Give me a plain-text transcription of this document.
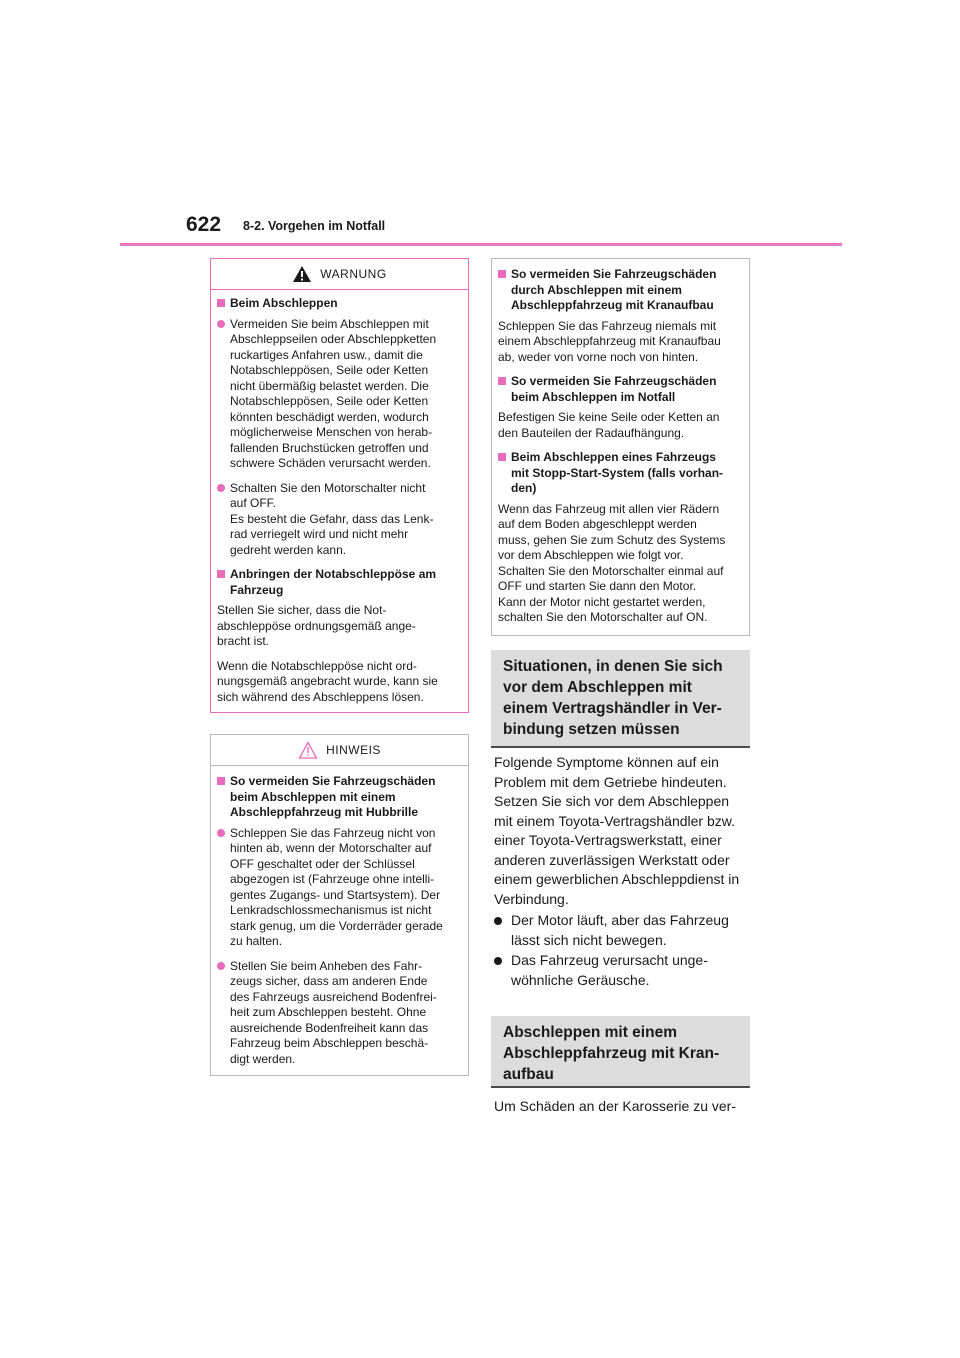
622 8-2. Vorgehen im Notfall
WARNUNG
Beim Abschleppen
Vermeiden Sie beim Abschleppen mit
Abschleppseilen oder Abschleppketten
ruckartiges Anfahren usw., damit die
Notabschleppösen, Seile oder Ketten
nicht übermäßig belastet werden. Die
Notabschleppösen, Seile oder Ketten
könnten beschädigt werden, wodurch
möglicherweise Menschen von herab-
fallenden Bruchstücken getroffen und
schwere Schäden verursacht werden.
Schalten Sie den Motorschalter nicht
auf OFF.
Es besteht die Gefahr, dass das Lenk-
rad verriegelt wird und nicht mehr
gedreht werden kann.
Anbringen der Notabschleppöse am
Fahrzeug
Stellen Sie sicher, dass die Not-
abschleppöse ordnungsgemäß ange-
bracht ist.
Wenn die Notabschleppöse nicht ord-
nungsgemäß angebracht wurde, kann sie
sich während des Abschleppens lösen.
HINWEIS
So vermeiden Sie Fahrzeugschäden
beim Abschleppen mit einem
Abschleppfahrzeug mit Hubbrille
Schleppen Sie das Fahrzeug nicht von
hinten ab, wenn der Motorschalter auf
OFF geschaltet oder der Schlüssel
abgezogen ist (Fahrzeuge ohne intelli-
gentes Zugangs- und Startsystem). Der
Lenkradschlossmechanismus ist nicht
stark genug, um die Vorderräder gerade
zu halten.
Stellen Sie beim Anheben des Fahr-
zeugs sicher, dass am anderen Ende
des Fahrzeugs ausreichend Bodenfrei-
heit zum Abschleppen besteht. Ohne
ausreichende Bodenfreiheit kann das
Fahrzeug beim Abschleppen beschä-
digt werden.
So vermeiden Sie Fahrzeugschäden
durch Abschleppen mit einem
Abschleppfahrzeug mit Kranaufbau
Schleppen Sie das Fahrzeug niemals mit
einem Abschleppfahrzeug mit Kranaufbau
ab, weder von vorne noch von hinten.
So vermeiden Sie Fahrzeugschäden
beim Abschleppen im Notfall
Befestigen Sie keine Seile oder Ketten an
den Bauteilen der Radaufhängung.
Beim Abschleppen eines Fahrzeugs
mit Stopp-Start-System (falls vorhan-
den)
Wenn das Fahrzeug mit allen vier Rädern
auf dem Boden abgeschleppt werden
muss, gehen Sie zum Schutz des Systems
vor dem Abschleppen wie folgt vor.
Schalten Sie den Motorschalter einmal auf
OFF und starten Sie dann den Motor.
Kann der Motor nicht gestartet werden,
schalten Sie den Motorschalter auf ON.
Situationen, in denen Sie sich
vor dem Abschleppen mit
einem Vertragshändler in Ver-
bindung setzen müssen
Folgende Symptome können auf ein
Problem mit dem Getriebe hindeuten.
Setzen Sie sich vor dem Abschleppen
mit einem Toyota-Vertragshändler bzw.
einer Toyota-Vertragswerkstatt, einer
anderen zuverlässigen Werkstatt oder
einem gewerblichen Abschleppdienst in
Verbindung.
Der Motor läuft, aber das Fahrzeug
lässt sich nicht bewegen.
Das Fahrzeug verursacht unge-
wöhnliche Geräusche.
Abschleppen mit einem
Abschleppfahrzeug mit Kran-
aufbau
Um Schäden an der Karosserie zu ver-
